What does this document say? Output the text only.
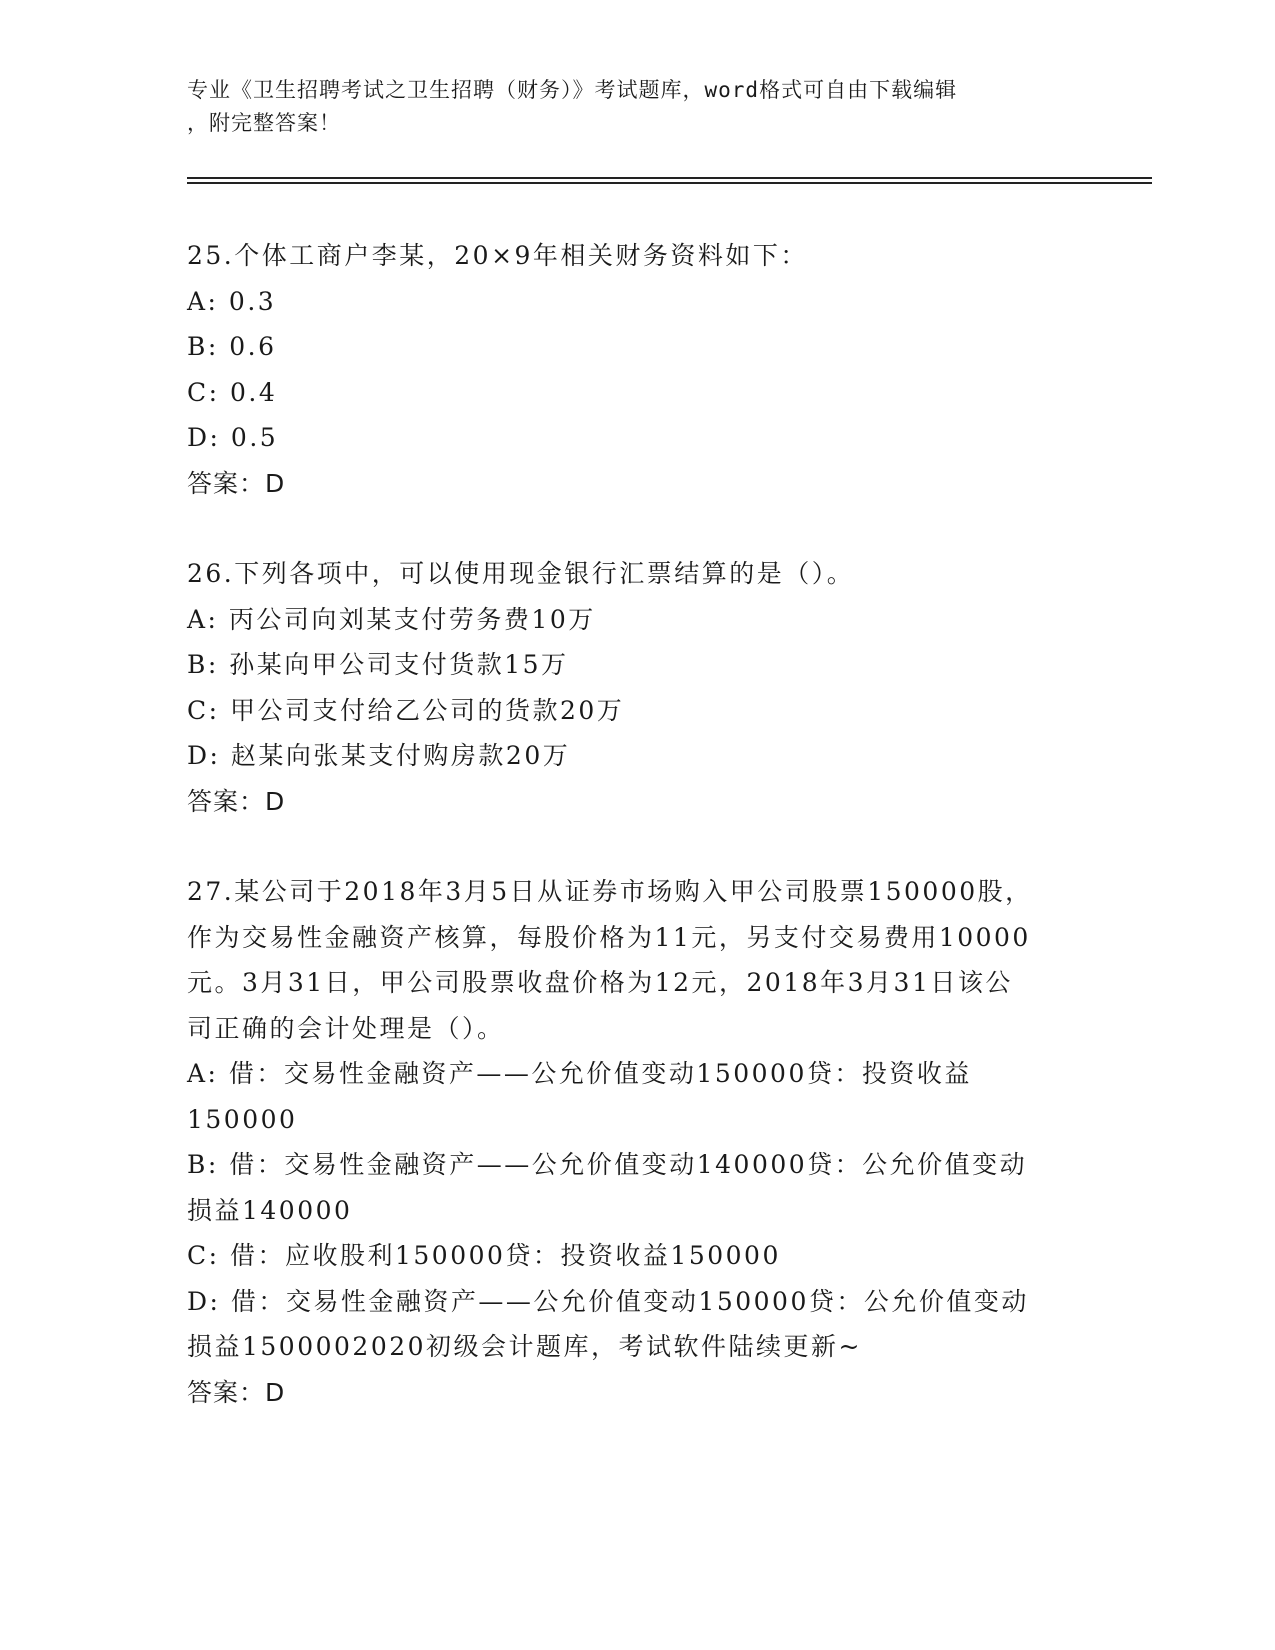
专业《卫生招聘考试之卫生招聘（财务）》考试题库，word格式可自由下载编辑
，附完整答案！
25.个体工商户李某，20×9年相关财务资料如下：
A: 0.3
B: 0.6
C: 0.4
D: 0.5
答案：D
26.下列各项中，可以使用现金银行汇票结算的是（）。
A: 丙公司向刘某支付劳务费10万
B: 孙某向甲公司支付货款15万
C: 甲公司支付给乙公司的货款20万
D: 赵某向张某支付购房款20万
答案：D
27.某公司于2018年3月5日从证券市场购入甲公司股票150000股，
作为交易性金融资产核算，每股价格为11元，另支付交易费用10000
元。3月31日，甲公司股票收盘价格为12元，2018年3月31日该公
司正确的会计处理是（）。
A: 借：交易性金融资产——公允价值变动150000贷：投资收益
150000
B: 借：交易性金融资产——公允价值变动140000贷：公允价值变动
损益140000
C: 借：应收股利150000贷：投资收益150000
D: 借：交易性金融资产——公允价值变动150000贷：公允价值变动
损益1500002020初级会计题库，考试软件陆续更新~
答案：D
